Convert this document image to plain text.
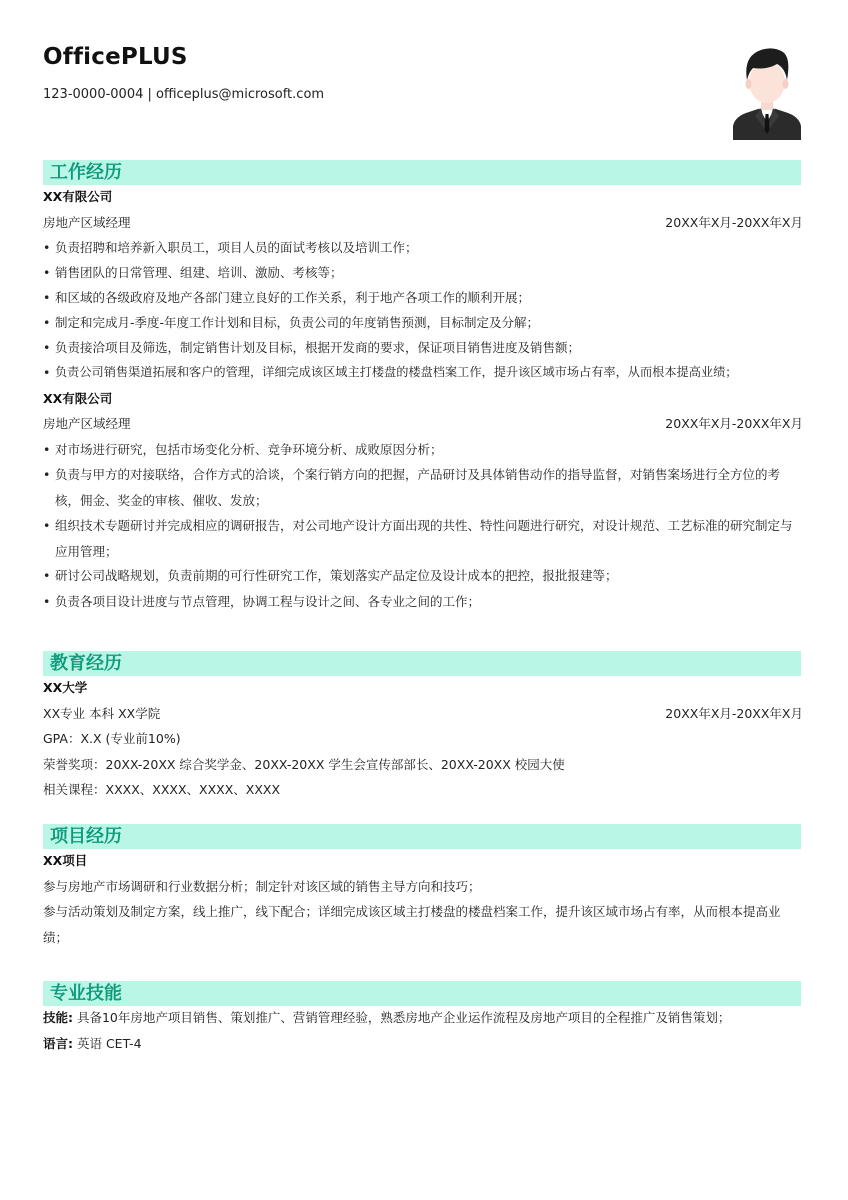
OfficePLUS
123-0000-0004 | officeplus@microsoft.com
工作经历
XX有限公司
房地产区域经理	20XX年X月-20XX年X月
• 负责招聘和培养新入职员工，项目人员的面试考核以及培训工作；
• 销售团队的日常管理、组建、培训、激励、考核等；
• 和区域的各级政府及地产各部门建立良好的工作关系，利于地产各项工作的顺利开展；
• 制定和完成月-季度-年度工作计划和目标，负责公司的年度销售预测，目标制定及分解；
• 负责接洽项目及筛选，制定销售计划及目标，根据开发商的要求，保证项目销售进度及销售额；
• 负责公司销售渠道拓展和客户的管理，详细完成该区域主打楼盘的楼盘档案工作，提升该区域市场占有率，从而根本提高业绩；
XX有限公司
房地产区域经理	20XX年X月-20XX年X月
• 对市场进行研究，包括市场变化分析、竞争环境分析、成败原因分析；
• 负责与甲方的对接联络，合作方式的洽谈，个案行销方向的把握，产品研讨及具体销售动作的指导监督，对销售案场进行全方位的考核，佣金、奖金的审核、催收、发放；
• 组织技术专题研讨并完成相应的调研报告，对公司地产设计方面出现的共性、特性问题进行研究，对设计规范、工艺标准的研究制定与应用管理；
• 研讨公司战略规划，负责前期的可行性研究工作，策划落实产品定位及设计成本的把控，报批报建等；
• 负责各项目设计进度与节点管理，协调工程与设计之间、各专业之间的工作；
教育经历
XX大学
XX专业 本科 XX学院	20XX年X月-20XX年X月
GPA：X.X (专业前10%)
荣誉奖项：20XX-20XX 综合奖学金、20XX-20XX 学生会宣传部部长、20XX-20XX 校园大使
相关课程：XXXX、XXXX、XXXX、XXXX
项目经历
XX项目
参与房地产市场调研和行业数据分析；制定针对该区域的销售主导方向和技巧；
参与活动策划及制定方案，线上推广，线下配合；详细完成该区域主打楼盘的楼盘档案工作，提升该区域市场占有率，从而根本提高业绩；
专业技能
技能: 具备10年房地产项目销售、策划推广、营销管理经验，熟悉房地产企业运作流程及房地产项目的全程推广及销售策划；
语言: 英语 CET-4
